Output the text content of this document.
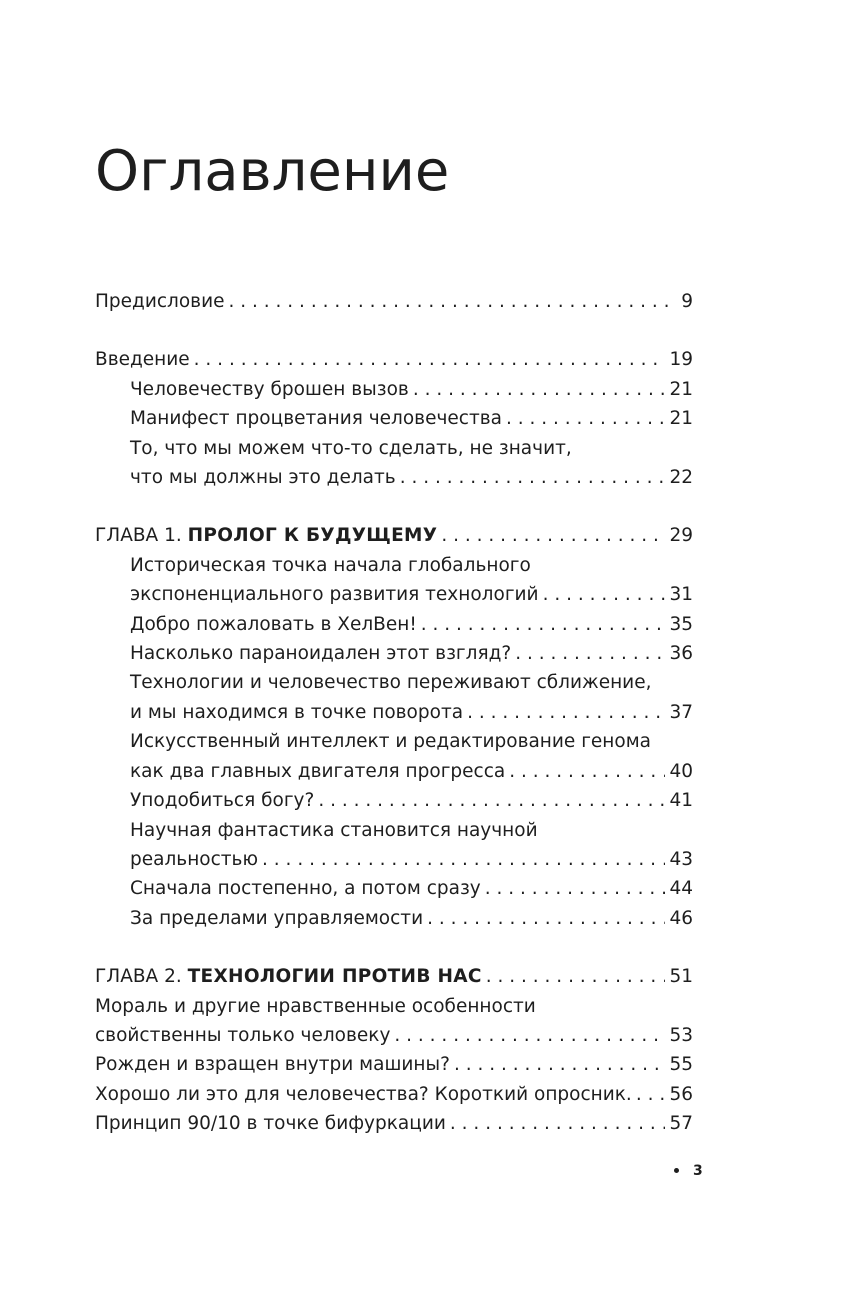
Оглавление
Предисловие . . .	9
Введение . . .	19
Человечеству брошен вызов . . .	21
Манифест процветания человечества . . .	21
То, что мы можем что-то сделать, не значит,
что мы должны это делать . . .	22
ГЛАВА 1. ПРОЛОГ К БУДУЩЕМУ . . .	29
Историческая точка начала глобального
экспоненциального развития технологий . . .	31
Добро пожаловать в ХелВен! . . .	35
Насколько параноидален этот взгляд? . . .	36
Технологии и человечество переживают сближение,
и мы находимся в точке поворота . . .	37
Искусственный интеллект и редактирование генома
как два главных двигателя прогресса . . .	40
Уподобиться богу? . . .	41
Научная фантастика становится научной
реальностью . . .	43
Сначала постепенно, а потом сразу . . .	44
За пределами управляемости . . .	46
ГЛАВА 2. ТЕХНОЛОГИИ ПРОТИВ НАС . . .	51
Мораль и другие нравственные особенности
свойственны только человеку . . .	53
Рожден и взращен внутри машины? . . .	55
Хорошо ли это для человечества? Короткий опросник. . . . 56
Принцип 90/10 в точке бифуркации . . .	57
3
